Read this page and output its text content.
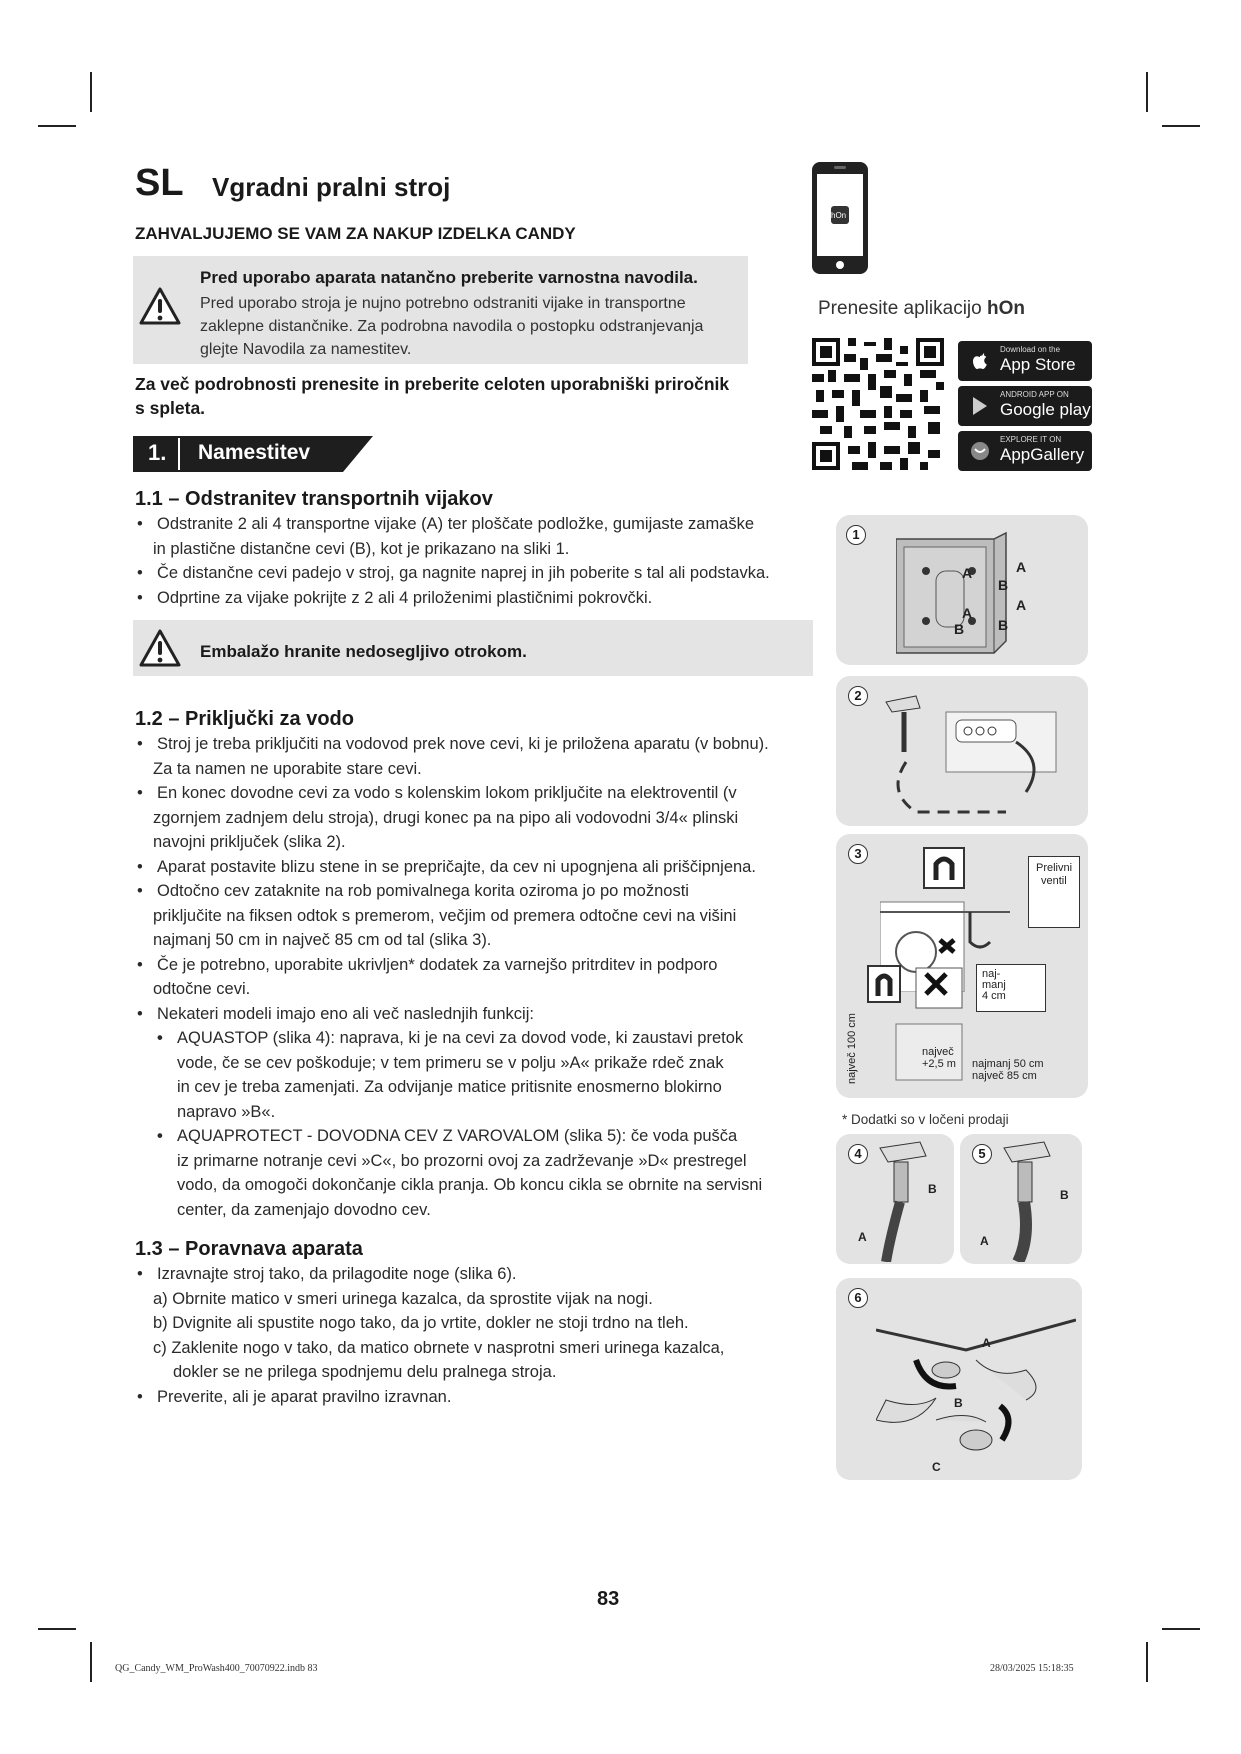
SL Vgradni pralni stroj
ZAHVALJUJEMO SE VAM ZA NAKUP IZDELKA CANDY
Pred uporabo aparata natančno preberite varnostna navodila.
Pred uporabo stroja je nujno potrebno odstraniti vijake in transportne
zaklepne distančnike. Za podrobna navodila o postopku odstranjevanja
glejte Navodila za namestitev.
Za več podrobnosti prenesite in preberite celoten uporabniški priročnik
s spleta.
1. Namestitev
1.1 – Odstranitev transportnih vijakov
• Odstranite 2 ali 4 transportne vijake (A) ter ploščate podložke, gumijaste zamaške
in plastične distančne cevi (B), kot je prikazano na sliki 1.
• Če distančne cevi padejo v stroj, ga nagnite naprej in jih poberite s tal ali podstavka.
• Odprtine za vijake pokrijte z 2 ali 4 priloženimi plastičnimi pokrovčki.
Embalažo hranite nedosegljivo otrokom.
1.2 – Priključki za vodo
• Stroj je treba priključiti na vodovod prek nove cevi, ki je priložena aparatu (v bobnu).
Za ta namen ne uporabite stare cevi.
• En konec dovodne cevi za vodo s kolenskim lokom priključite na elektroventil (v
zgornjem zadnjem delu stroja), drugi konec pa na pipo ali vodovodni 3/4« plinski
navojni priključek (slika 2).
• Aparat postavite blizu stene in se prepričajte, da cev ni upognjena ali priščipnjena.
• Odtočno cev zataknite na rob pomivalnega korita oziroma jo po možnosti
priključite na fiksen odtok s premerom, večjim od premera odtočne cevi na višini
najmanj 50 cm in največ 85 cm od tal (slika 3).
• Če je potrebno, uporabite ukrivljen* dodatek za varnejšo pritrditev in podporo
odtočne cevi.
• Nekateri modeli imajo eno ali več naslednjih funkcij:
• AQUASTOP (slika 4): naprava, ki je na cevi za dovod vode, ki zaustavi pretok
vode, če se cev poškoduje; v tem primeru se v polju »A« prikaže rdeč znak
in cev je treba zamenjati. Za odvijanje matice pritisnite enosmerno blokirno
napravo »B«.
• AQUAPROTECT - DOVODNA CEV Z VAROVALOM (slika 5): če voda pušča
iz primarne notranje cevi »C«, bo prozorni ovoj za zadrževanje »D« prestregel
vodo, da omogoči dokončanje cikla pranja. Ob koncu cikla se obrnite na servisni
center, da zamenjajo dovodno cev.
1.3 – Poravnava aparata
• Izravnajte stroj tako, da prilagodite noge (slika 6).
a) Obrnite matico v smeri urinega kazalca, da sprostite vijak na nogi.
b) Dvignite ali spustite nogo tako, da jo vrtite, dokler ne stoji trdno na tleh.
c) Zaklenite nogo v tako, da matico obrnete v nasprotni smeri urinega kazalca,
dokler se ne prilega spodnjemu delu pralnega stroja.
• Preverite, ali je aparat pravilno izravnan.
hOn
Prenesite aplikacijo hOn
Download on the
App Store
ANDROID APP ON
Google play
EXPLORE IT ON
AppGallery
1
A	A
B
A	A
B B
2
3
Prelivni
ventil
naj-
manj
4 cm
največ 100 cm	največ
+2,5 m najmanj 50 cm
največ 85 cm
* Dodatki so v ločeni prodaji
4
B
A
5
B
A
6
A
B
C
83
QG_Candy_WM_ProWash400_70070922.indb 83	28/03/2025 15:18:35
